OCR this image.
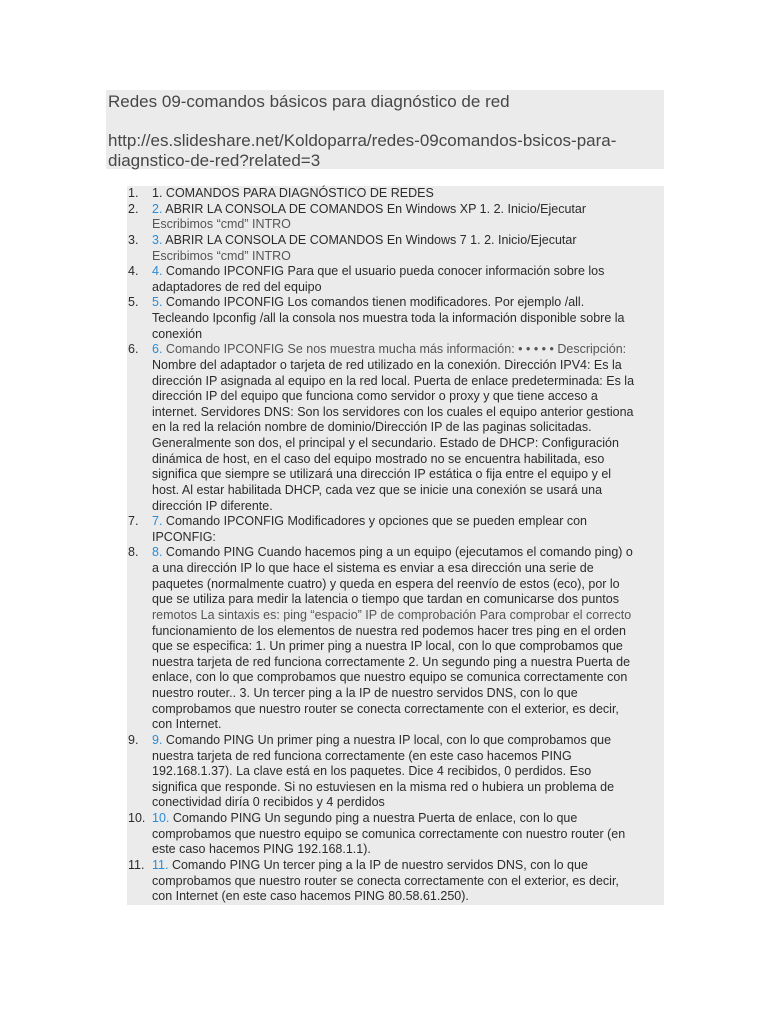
Redes 09-comandos básicos para diagnóstico de red
http://es.slideshare.net/Koldoparra/redes-09comandos-bsicos-para-
diagnstico-de-red?related=3
1. 1. COMANDOS PARA DIAGNÓSTICO DE REDES
2. 2. ABRIR LA CONSOLA DE COMANDOS En Windows XP 1. 2. Inicio/Ejecutar
Escribimos “cmd” INTRO
3. 3. ABRIR LA CONSOLA DE COMANDOS En Windows 7 1. 2. Inicio/Ejecutar
Escribimos “cmd” INTRO
4. 4. Comando IPCONFIG Para que el usuario pueda conocer información sobre los
adaptadores de red del equipo
5. 5. Comando IPCONFIG Los comandos tienen modificadores. Por ejemplo /all.
Tecleando Ipconfig /all la consola nos muestra toda la información disponible sobre la
conexión
6. 6. Comando IPCONFIG Se nos muestra mucha más información: • • • • • Descripción:
Nombre del adaptador o tarjeta de red utilizado en la conexión. Dirección IPV4: Es la
dirección IP asignada al equipo en la red local. Puerta de enlace predeterminada: Es la
dirección IP del equipo que funciona como servidor o proxy y que tiene acceso a
internet. Servidores DNS: Son los servidores con los cuales el equipo anterior gestiona
en la red la relación nombre de dominio/Dirección IP de las paginas solicitadas.
Generalmente son dos, el principal y el secundario. Estado de DHCP: Configuración
dinámica de host, en el caso del equipo mostrado no se encuentra habilitada, eso
significa que siempre se utilizará una dirección IP estática o fija entre el equipo y el
host. Al estar habilitada DHCP, cada vez que se inicie una conexión se usará una
dirección IP diferente.
7. 7. Comando IPCONFIG Modificadores y opciones que se pueden emplear con
IPCONFIG:
8. 8. Comando PING Cuando hacemos ping a un equipo (ejecutamos el comando ping) o
a una dirección IP lo que hace el sistema es enviar a esa dirección una serie de
paquetes (normalmente cuatro) y queda en espera del reenvío de estos (eco), por lo
que se utiliza para medir la latencia o tiempo que tardan en comunicarse dos puntos
remotos La sintaxis es: ping “espacio” IP de comprobación Para comprobar el correcto
funcionamiento de los elementos de nuestra red podemos hacer tres ping en el orden
que se especifica: 1. Un primer ping a nuestra IP local, con lo que comprobamos que
nuestra tarjeta de red funciona correctamente 2. Un segundo ping a nuestra Puerta de
enlace, con lo que comprobamos que nuestro equipo se comunica correctamente con
nuestro router.. 3. Un tercer ping a la IP de nuestro servidos DNS, con lo que
comprobamos que nuestro router se conecta correctamente con el exterior, es decir,
con Internet.
9. 9. Comando PING Un primer ping a nuestra IP local, con lo que comprobamos que
nuestra tarjeta de red funciona correctamente (en este caso hacemos PING
192.168.1.37). La clave está en los paquetes. Dice 4 recibidos, 0 perdidos. Eso
significa que responde. Si no estuviesen en la misma red o hubiera un problema de
conectividad diría 0 recibidos y 4 perdidos
10. 10. Comando PING Un segundo ping a nuestra Puerta de enlace, con lo que
comprobamos que nuestro equipo se comunica correctamente con nuestro router (en
este caso hacemos PING 192.168.1.1).
11. 11. Comando PING Un tercer ping a la IP de nuestro servidos DNS, con lo que
comprobamos que nuestro router se conecta correctamente con el exterior, es decir,
con Internet (en este caso hacemos PING 80.58.61.250).
